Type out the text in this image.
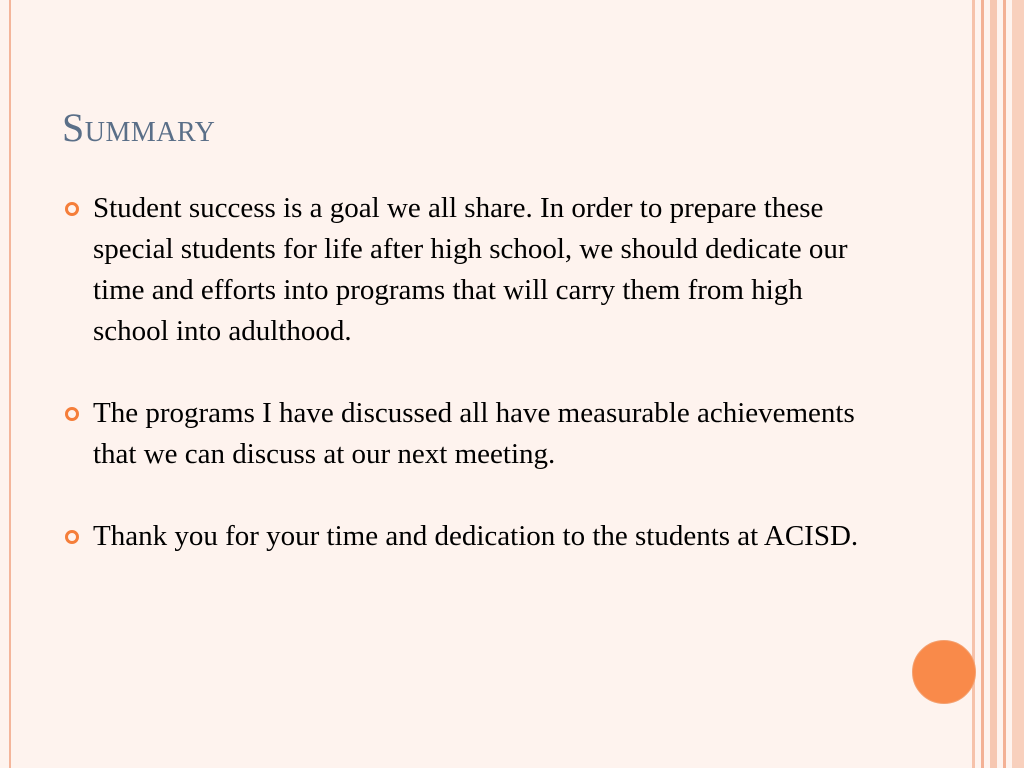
Summary
Student success is a goal we all share. In order to prepare these special students for life after high school, we should dedicate our time and efforts into programs that will carry them from high school into adulthood.
The programs I have discussed all have measurable achievements that we can discuss at our next meeting.
Thank you for your time and dedication to the students at ACISD.
